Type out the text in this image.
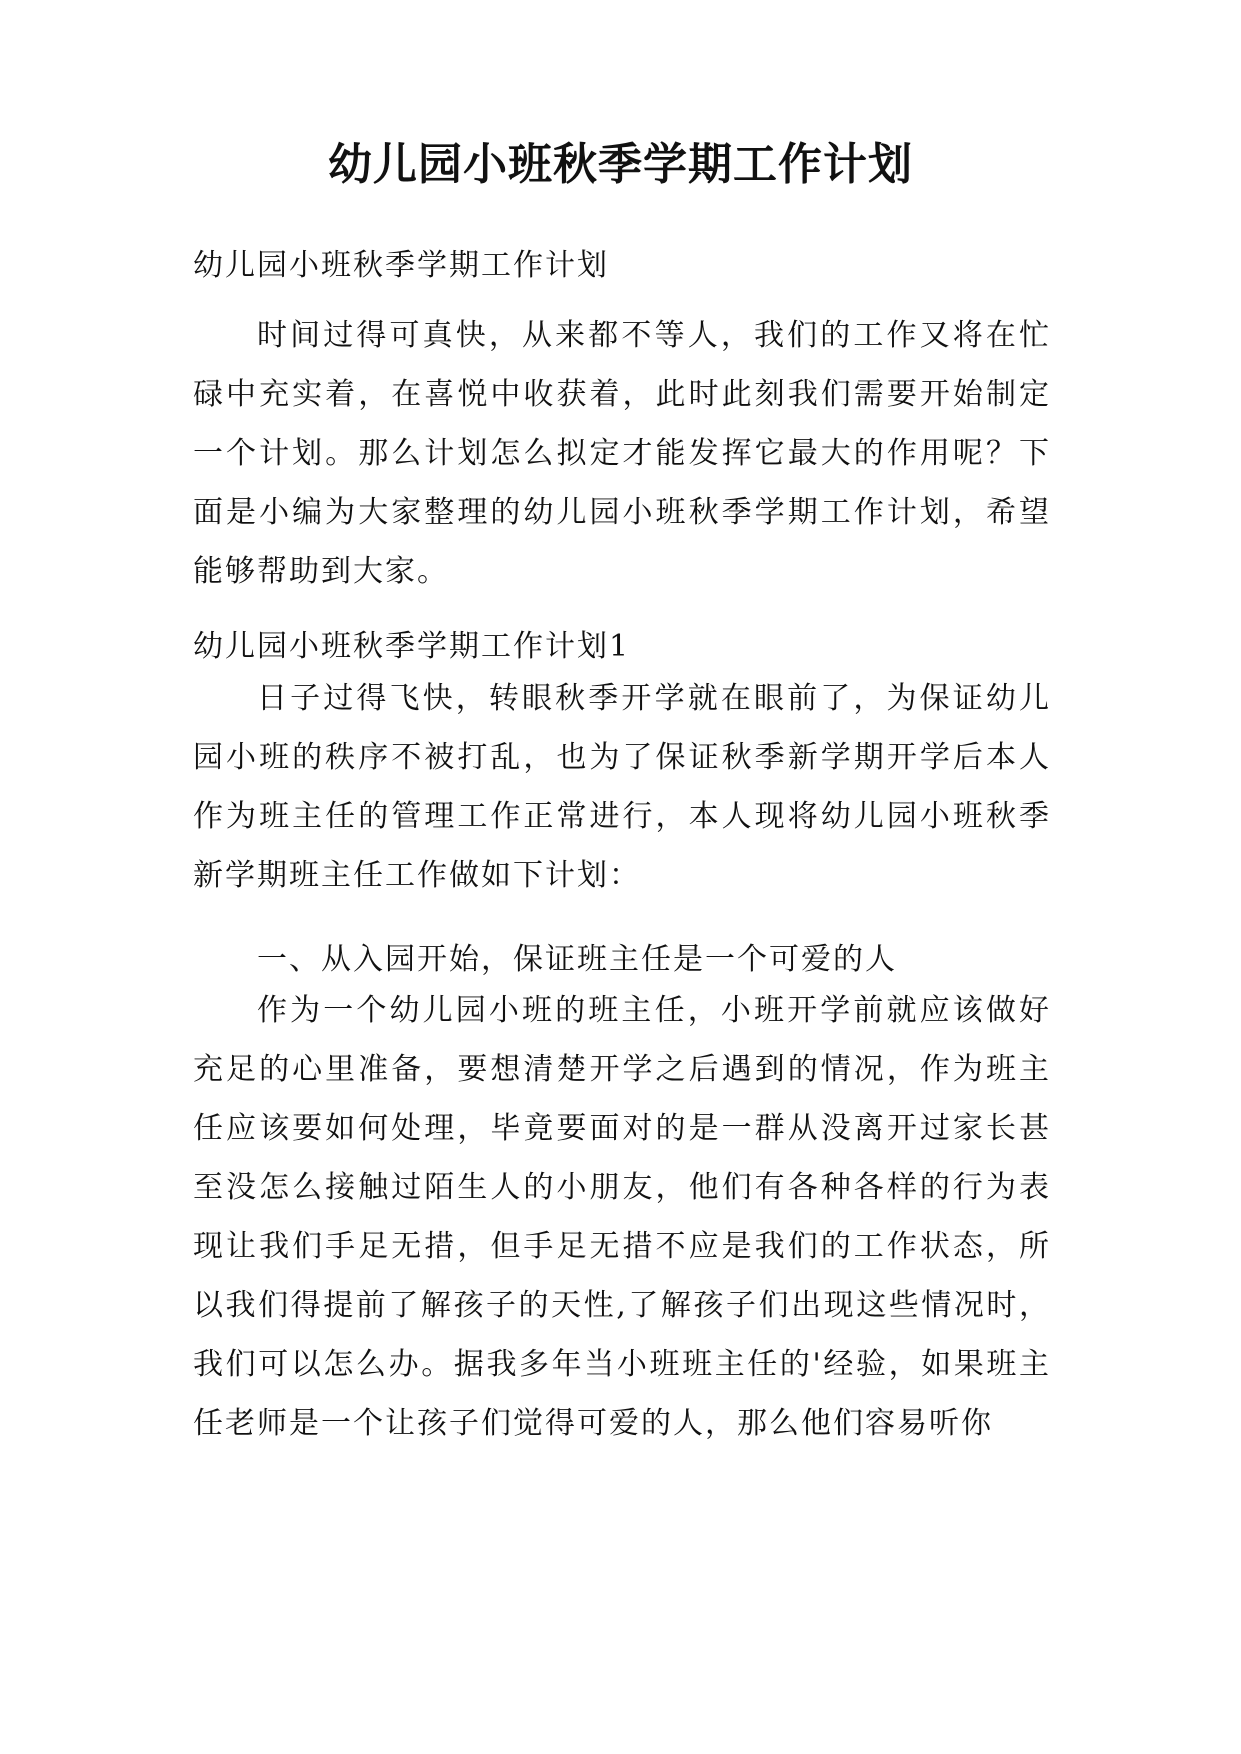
幼儿园小班秋季学期工作计划

幼儿园小班秋季学期工作计划

时间过得可真快，从来都不等人，我们的工作又将在忙碌中充实着，在喜悦中收获着，此时此刻我们需要开始制定一个计划。那么计划怎么拟定才能发挥它最大的作用呢？下面是小编为大家整理的幼儿园小班秋季学期工作计划，希望能够帮助到大家。

幼儿园小班秋季学期工作计划1

日子过得飞快，转眼秋季开学就在眼前了，为保证幼儿园小班的秩序不被打乱，也为了保证秋季新学期开学后本人作为班主任的管理工作正常进行，本人现将幼儿园小班秋季新学期班主任工作做如下计划：

一、从入园开始，保证班主任是一个可爱的人

作为一个幼儿园小班的班主任，小班开学前就应该做好充足的心里准备，要想清楚开学之后遇到的情况，作为班主任应该要如何处理，毕竟要面对的是一群从没离开过家长甚至没怎么接触过陌生人的小朋友，他们有各种各样的行为表现让我们手足无措，但手足无措不应是我们的工作状态，所以我们得提前了解孩子的天性,了解孩子们出现这些情况时，我们可以怎么办。据我多年当小班班主任的'经验，如果班主任老师是一个让孩子们觉得可爱的人，那么他们容易听你
